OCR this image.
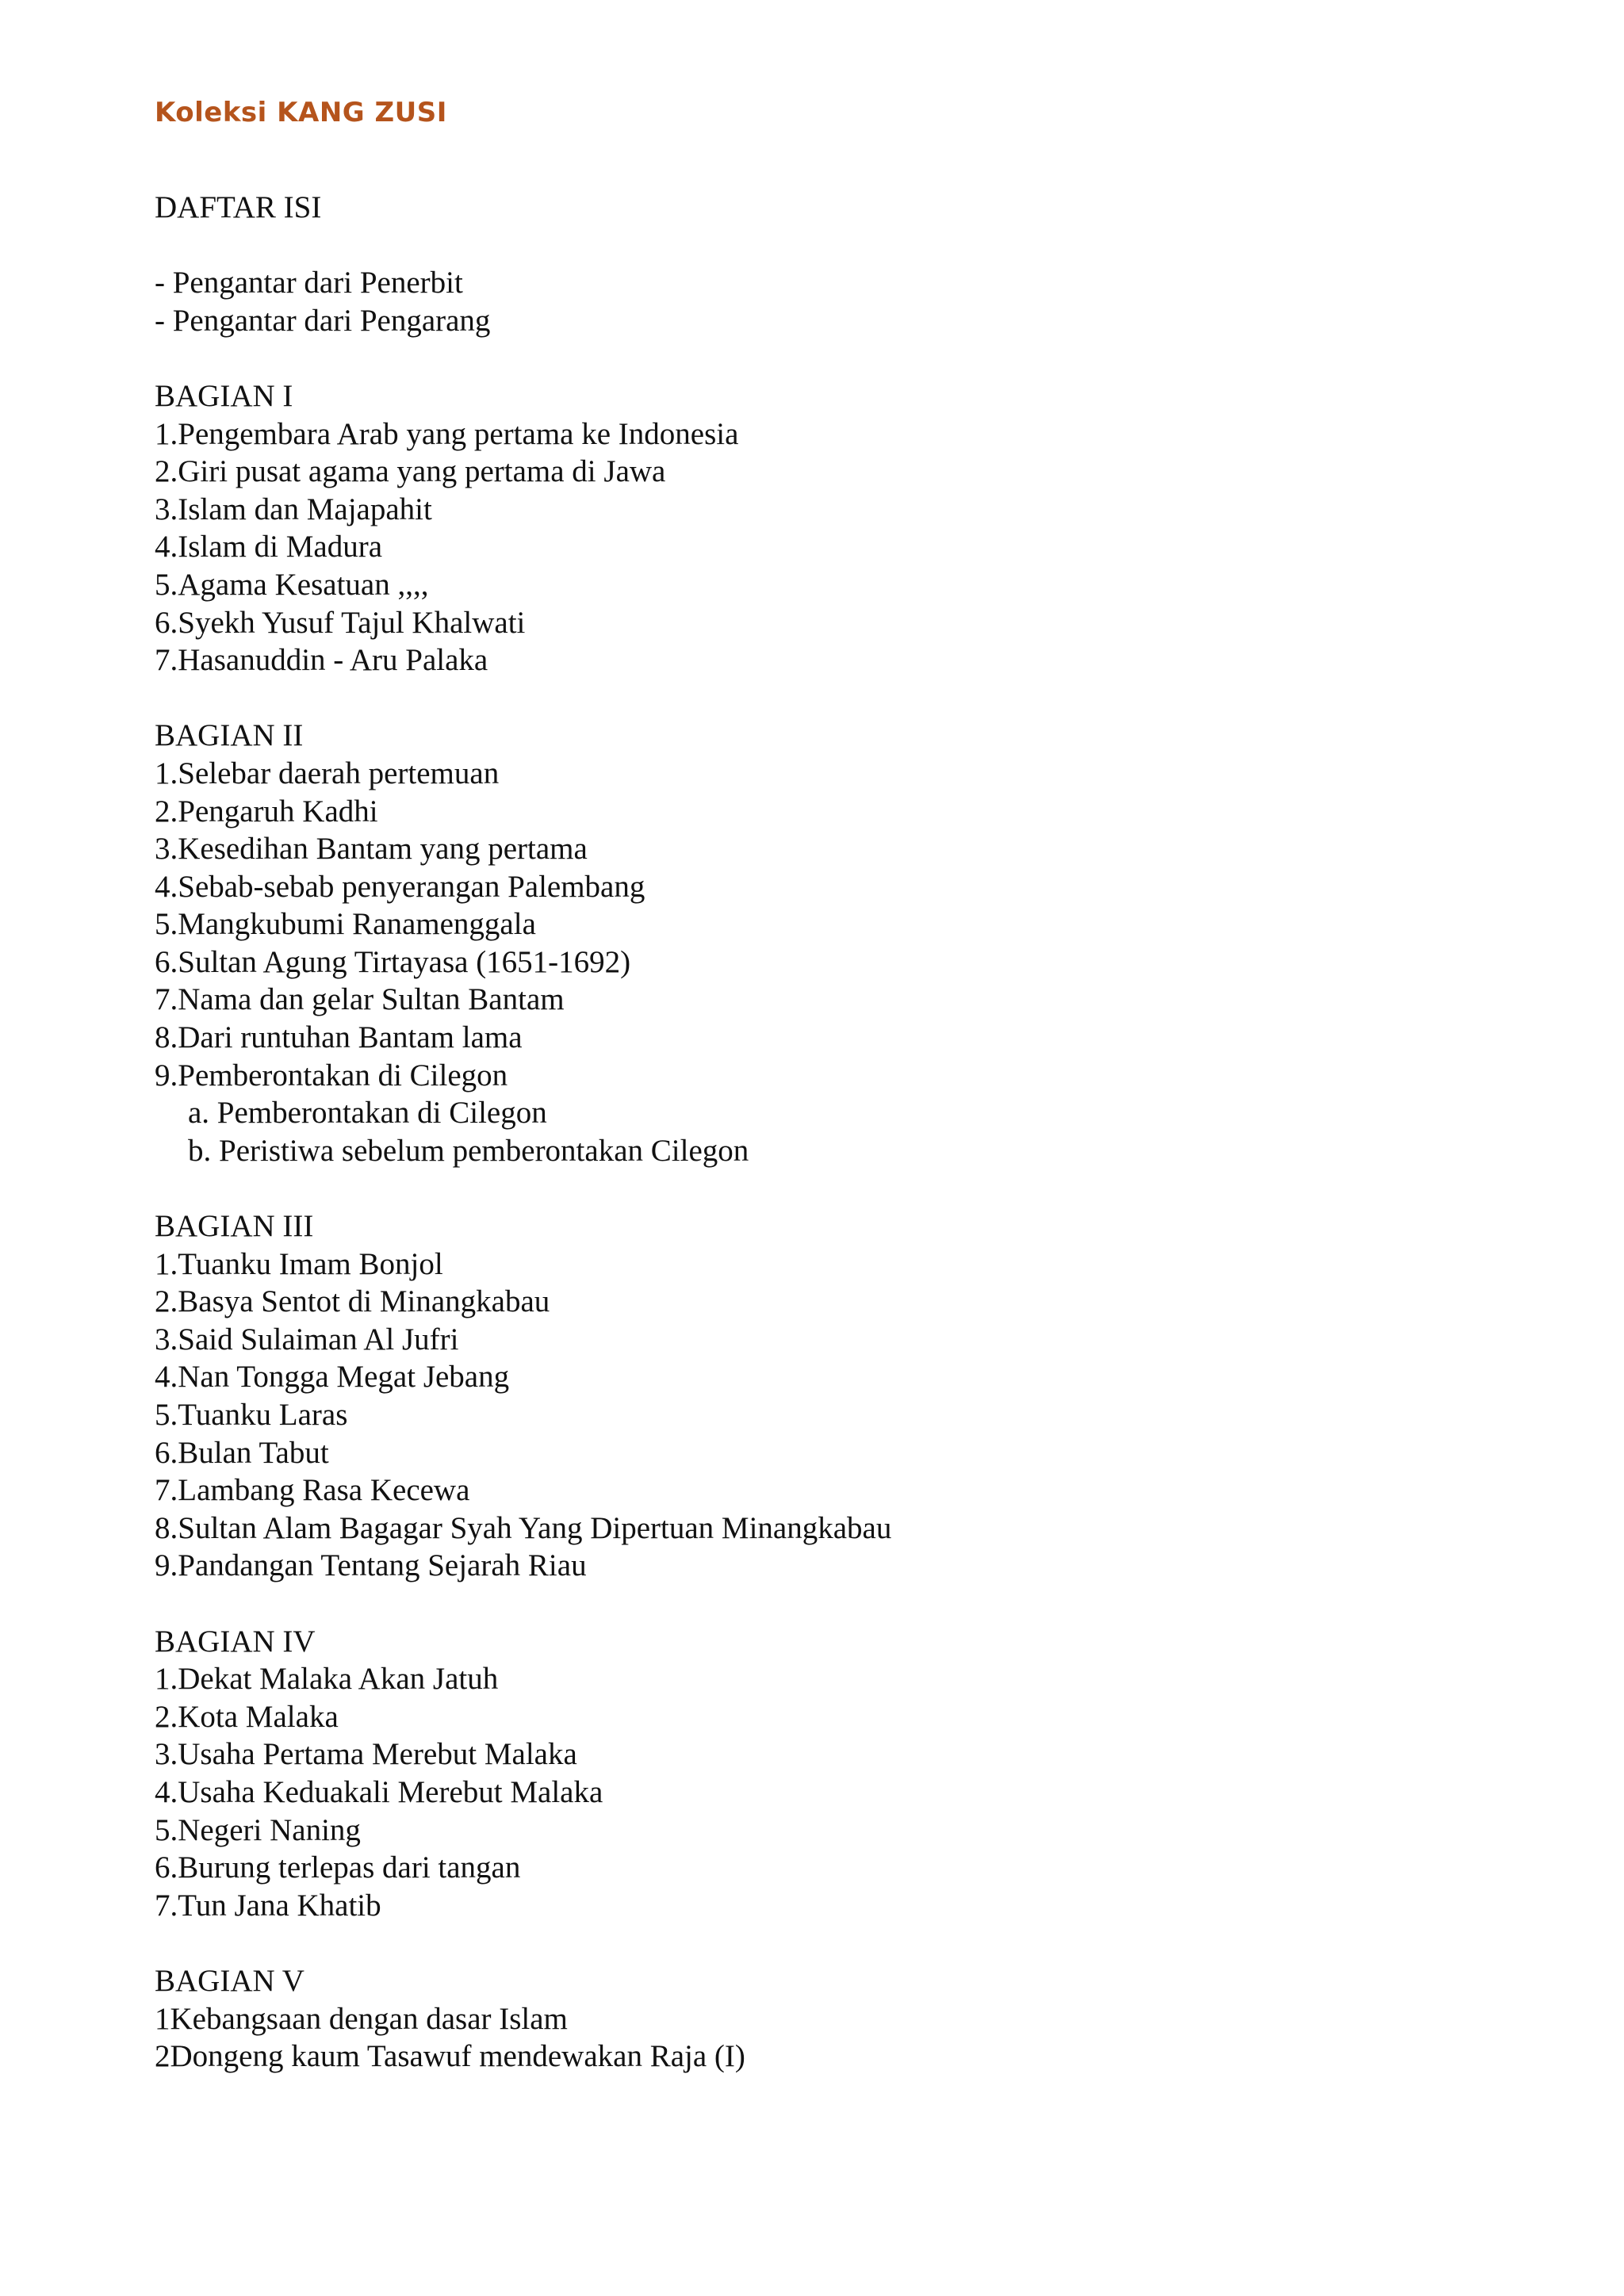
Koleksi KANG ZUSI

DAFTAR ISI

- Pengantar dari Penerbit

- Pengantar dari Pengarang

BAGIAN I

1.Pengembara Arab yang pertama ke Indonesia

2.Giri pusat agama yang pertama di Jawa

3.Islam dan Majapahit

4.Islam di Madura

5.Agama Kesatuan ,,,,

6.Syekh Yusuf Tajul Khalwati

7.Hasanuddin - Aru Palaka

BAGIAN II

1.Selebar daerah pertemuan

2.Pengaruh Kadhi

3.Kesedihan Bantam yang pertama

4.Sebab-sebab penyerangan Palembang

5.Mangkubumi Ranamenggala

6.Sultan Agung Tirtayasa (1651-1692)

7.Nama dan gelar Sultan Bantam

8.Dari runtuhan Bantam lama

9.Pemberontakan di Cilegon

a. Pemberontakan di Cilegon

b. Peristiwa sebelum pemberontakan Cilegon

BAGIAN III

1.Tuanku Imam Bonjol

2.Basya Sentot di Minangkabau

3.Said Sulaiman Al Jufri

4.Nan Tongga Megat Jebang

5.Tuanku Laras

6.Bulan Tabut

7.Lambang Rasa Kecewa

8.Sultan Alam Bagagar Syah Yang Dipertuan Minangkabau

9.Pandangan Tentang Sejarah Riau

BAGIAN IV

1.Dekat Malaka Akan Jatuh

2.Kota Malaka

3.Usaha Pertama Merebut Malaka

4.Usaha Keduakali Merebut Malaka

5.Negeri Naning

6.Burung terlepas dari tangan

7.Tun Jana Khatib

BAGIAN V

1Kebangsaan dengan dasar Islam

2Dongeng kaum Tasawuf mendewakan Raja (I)
